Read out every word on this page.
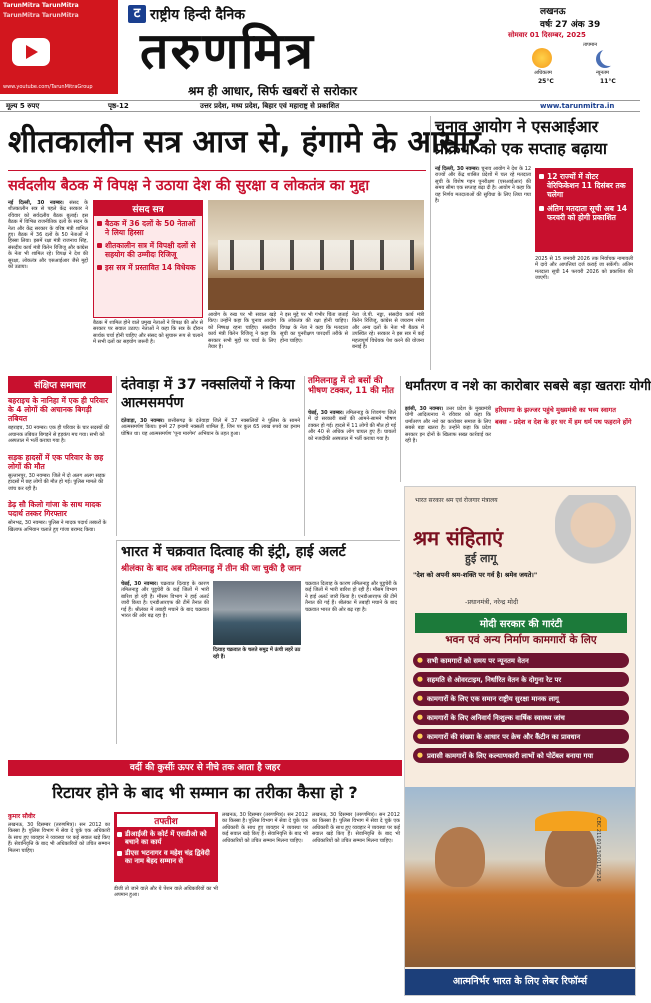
TarunMitra TarunMitra
TarunMitra TarunMitra
www.youtube.com/TarunMitraGroup
ट राष्ट्रीय हिन्दी दैनिक
तरुणमित्र
श्रम ही आधार, सिर्फ खबरों से सरोकार
लखनऊ
वर्षः 27 अंक 39
सोमवार 01 दिसम्बर, 2025
तापमान
अधिकतम
25°C
न्यूनतम
11°C
मूल्य 5 रुपए	पृष्ठ-12	उत्तर प्रदेश, मध्य प्रदेश, बिहार एवं महाराष्ट्र से प्रकाशित	www.tarunmitra.in
शीतकालीन सत्र आज से, हंगामे के आसार
सर्वदलीय बैठक में विपक्ष ने उठाया देश की सुरक्षा व लोकतंत्र का मुद्दा

नई दिल्ली, 30 नवम्बर। संसद के शीतकालीन सत्र से पहले केंद्र सरकार ने रविवार को सर्वदलीय बैठक बुलाई। इस बैठक में विभिन्न राजनीतिक दलों के सदन के नेता और केंद्र सरकार के वरिष्ठ मंत्री शामिल हुए। बैठक में 36 दलों के 50 नेताओं ने हिस्सा लिया। इसमें रक्षा मंत्री राजनाथ सिंह, संसदीय कार्य मंत्री किरेन रिजिजू और कांग्रेस के नेता भी शामिल रहे। विपक्ष ने देश की सुरक्षा, लोकतंत्र और एसआईआर जैसे मुद्दों को उठाया।

संसद सत्र
बैठक में 36 दलों के 50 नेताओं ने लिया हिस्सा
शीतकालीन सत्र में विपक्षी दलों से सहयोग की उम्मीदः रिजिजू
इस सत्र में प्रस्तावित 14 विधेयक

बैठक में शामिल होने वाले प्रमुख नेताओं ने विपक्ष की ओर से सरकार पर सवाल उठाए। नेताओं ने कहा कि सत्र के दौरान सार्थक चर्चा होनी चाहिए और संसद को सुचारू रूप से चलाने में सभी दलों का सहयोग जरूरी है।

आयोग के रुख पर भी सवाल खड़े किए। उन्होंने कहा कि चुनाव आयोग को निष्पक्ष रहना चाहिए। संसदीय कार्य मंत्री किरेन रिजिजू ने कहा कि सरकार सभी मुद्दों पर चर्चा के लिए तैयार है।

ने इस मुद्दे पर भी गंभीर चिंता जताई कि लोकतंत्र की रक्षा होनी चाहिए। विपक्ष के नेता ने कहा कि मतदाता सूची का पुनरीक्षण पारदर्शी तरीके से होना चाहिए।

नेता जे.पी. नड्डा, संसदीय कार्य मंत्री किरेन रिजिजू, कांग्रेस से जयराम रमेश और अन्य दलों के नेता भी बैठक में उपस्थित रहे। सरकार ने इस सत्र में कई महत्वपूर्ण विधेयक पेश करने की योजना बनाई है।

चुनाव आयोग ने एसआईआर प्रक्रिया को एक सप्ताह बढ़ाया

नई दिल्ली, 30 नवम्बर। चुनाव आयोग ने देश के 12 राज्यों और केंद्र शासित प्रदेशों में चल रहे मतदाता सूची के विशेष गहन पुनरीक्षण (एसआईआर) की समय सीमा एक सप्ताह बढ़ा दी है। आयोग ने कहा कि यह निर्णय मतदाताओं की सुविधा के लिए लिया गया है।

12 राज्यों में वोटर वेरिफिकेशन 11 दिसंबर तक चलेगा
अंतिम मतदाता सूची अब 14 फरवरी को होगी प्रकाशित

2025 से 15 जनवरी 2026 तक निर्वाचक नामावली में दावे और आपत्तियां दर्ज कराई जा सकेंगी। अंतिम मतदाता सूची 14 फरवरी 2026 को प्रकाशित की जाएगी।

संक्षिप्त समाचार
बहराइच के नानिहा में एक ही परिवार के 4 लोगों की अचानक बिगड़ी तबियत

बहराइच, 30 नवम्बर। एक ही परिवार के चार सदस्यों की अचानक तबियत बिगड़ने से हड़कंप मच गया। सभी को अस्पताल में भर्ती कराया गया है।

सड़क हादसों में एक परिवार के छह लोगों की मौत

सुल्तानपुर, 30 नवम्बर। जिले में दो अलग अलग सड़क हादसों में छह लोगों की मौत हो गई। पुलिस मामले की जांच कर रही है।

डेढ़ सौ किलो गांजा के साथ मादक पदार्थ तस्कर गिरफ्तार

सोनभद्र, 30 नवम्बर। पुलिस ने मादक पदार्थ तस्करों के खिलाफ अभियान चलाते हुए गांजा बरामद किया।

दंतेवाड़ा में 37 नक्सलियों ने किया आत्मसमर्पण

दंतेवाड़ा, 30 नवम्बर। छत्तीसगढ़ के दंतेवाड़ा जिले में 37 नक्सलियों ने पुलिस के सामने आत्मसमर्पण किया। इनमें 27 इनामी नक्सली शामिल हैं, जिन पर कुल 65 लाख रुपये का इनाम घोषित था। यह आत्मसमर्पण 'पूना मारगेम' अभियान के तहत हुआ।

तमिलनाडु में दो बसों की भीषण टक्कर, 11 की मौत

चेन्नई, 30 नवम्बर। तमिलनाडु के शिवगंगा जिले में दो सरकारी बसों की आमने-सामने भीषण टक्कर हो गई। हादसे में 11 लोगों की मौत हो गई और 40 से अधिक लोग घायल हुए हैं। घायलों को नजदीकी अस्पताल में भर्ती कराया गया है।

धर्मांतरण व नशे का कारोबार सबसे बड़ा खतराः योगी

झांसी, 30 नवम्बर। उत्तर प्रदेश के मुख्यमंत्री योगी आदित्यनाथ ने रविवार को कहा कि धर्मांतरण और नशे का कारोबार समाज के लिए सबसे बड़ा खतरा है। उन्होंने कहा कि प्रदेश सरकार इन दोनों के खिलाफ सख्त कार्रवाई कर रही है।

हरियाणा के झज्जर पहुंचे मुख्यमंत्री का भव्य स्वागत
बक्स - प्रदेश व देश के हर घर में हम धर्म पथ फहराने होंगे
भारत सरकार श्रम एवं रोजगार मंत्रालय
श्रम संहिताएं
हुई लागू
"देश को अपनी श्रम-शक्ति पर गर्व है। श्रमेव जयते।"
-प्रधानमंत्री, नरेन्द्र मोदी
मोदी सरकार की गारंटी
भवन एवं अन्य निर्माण कामगारों के लिए
● सभी कामगारों को समय पर न्यूनतम वेतन
● सहमति से ओवरटाइम, निर्धारित वेतन के दोगुना रेट पर
● कामगारों के लिए एक समान राष्ट्रीय सुरक्षा मानक लागू
● कामगारों के लिए अनिवार्य निःशुल्क वार्षिक स्वास्थ्य जांच
● कामगारों की संख्या के आधार पर क्रेच और कैंटीन का प्रावधान
● प्रवासी कामगारों के लिए कल्याणकारी लाभों को पोर्टेबल बनाया गया
CBC 21101/13/0011/2526
आत्मनिर्भर भारत के लिए लेबर रिफॉर्म्स
भारत में चक्रवात दित्वाह की इंट्री, हाई अलर्ट
श्रीलंका के बाद अब तमिलनाडु में तीन की जा चुकी है जान

चेन्नई, 30 नवम्बर। चक्रवात दित्वाह के कारण तमिलनाडु और पुडुचेरी के कई जिलों में भारी बारिश हो रही है। मौसम विभाग ने हाई अलर्ट जारी किया है। एनडीआरएफ की टीमें तैनात की गई हैं। श्रीलंका में तबाही मचाने के बाद चक्रवात भारत की ओर बढ़ रहा है।

दित्वाह चक्रवात के चलते समुद्र में ऊंची लहरें उठ रही हैं।

चक्रवात दित्वाह के कारण तमिलनाडु और पुडुचेरी के कई जिलों में भारी बारिश हो रही है। मौसम विभाग ने हाई अलर्ट जारी किया है। एनडीआरएफ की टीमें तैनात की गई हैं। श्रीलंका में तबाही मचाने के बाद चक्रवात भारत की ओर बढ़ रहा है।

वर्दी की कुर्सीः ऊपर से नीचे तक आता है जहर
रिटायर होने के बाद भी सम्मान का तरीका कैसा हो ?
कुमार सौवीर

लखनऊ, 30 दिसम्बर (तरुणमित्र)। सन 2012 का किस्सा है। पुलिस विभाग में सेवा दे चुके एक अधिकारी के साथ हुए व्यवहार ने व्यवस्था पर कई सवाल खड़े किए हैं। सेवानिवृत्ति के बाद भी अधिकारियों को उचित सम्मान मिलना चाहिए।

तफ्तीश
डीआईजी के कोर्ट में एसडीओ को बचाने का कार्य
डीएस भटनागर व महेश चंद्र द्विवेदी का नाम बेहद सम्मान से

डीजी तो जाने वाले और ये पेंशन वाले अधिकारियों का भी अपमान हुआ।

लखनऊ, 30 दिसम्बर (तरुणमित्र)। सन 2012 का किस्सा है। पुलिस विभाग में सेवा दे चुके एक अधिकारी के साथ हुए व्यवहार ने व्यवस्था पर कई सवाल खड़े किए हैं। सेवानिवृत्ति के बाद भी अधिकारियों को उचित सम्मान मिलना चाहिए।

लखनऊ, 30 दिसम्बर (तरुणमित्र)। सन 2012 का किस्सा है। पुलिस विभाग में सेवा दे चुके एक अधिकारी के साथ हुए व्यवहार ने व्यवस्था पर कई सवाल खड़े किए हैं। सेवानिवृत्ति के बाद भी अधिकारियों को उचित सम्मान मिलना चाहिए।
